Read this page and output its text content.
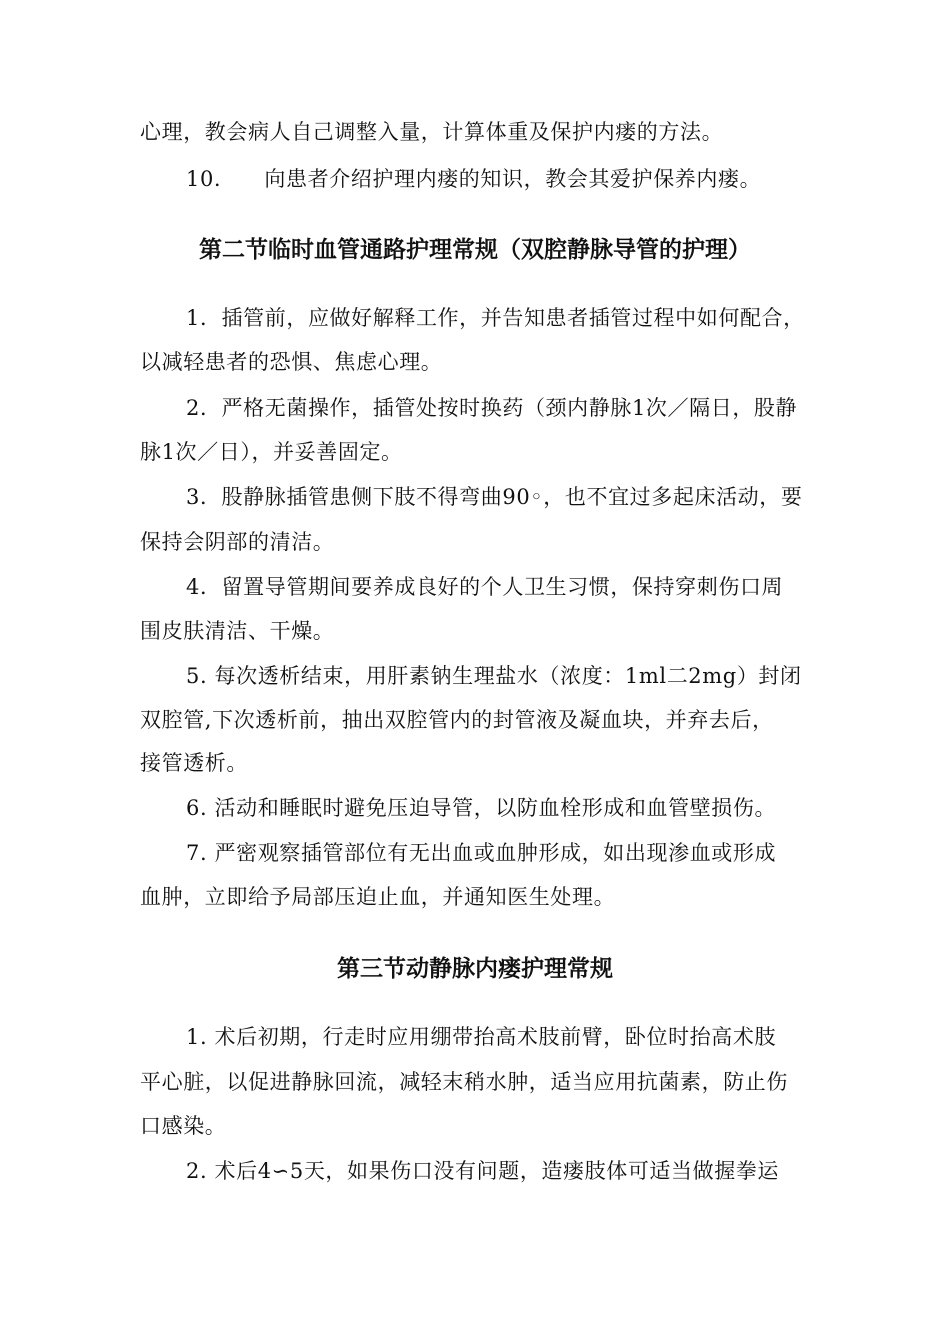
心理，教会病人自己调整入量，计算体重及保护内瘘的方法。

10.　　向患者介绍护理内瘘的知识，教会其爱护保养内瘘。

第二节临时血管通路护理常规（双腔静脉导管的护理）

1．插管前，应做好解释工作，并告知患者插管过程中如何配合，

以减轻患者的恐惧、焦虑心理。

2．严格无菌操作，插管处按时换药（颈内静脉1次／隔日，股静

脉1次／日），并妥善固定。

3．股静脉插管患侧下肢不得弯曲90◦，也不宜过多起床活动，要

保持会阴部的清洁。

4．留置导管期间要养成良好的个人卫生习惯，保持穿刺伤口周

围皮肤清洁、干燥。

5. 每次透析结束，用肝素钠生理盐水（浓度：1ml二2mg）封闭

双腔管,下次透析前，抽出双腔管内的封管液及凝血块，并弃去后，

接管透析。

6. 活动和睡眠时避免压迫导管，以防血栓形成和血管壁损伤。

7. 严密观察插管部位有无出血或血肿形成，如出现渗血或形成

血肿，立即给予局部压迫止血，并通知医生处理。

第三节动静脉内瘘护理常规

1. 术后初期，行走时应用绷带抬高术肢前臂，卧位时抬高术肢

平心脏，以促进静脉回流，减轻末稍水肿，适当应用抗菌素，防止伤

口感染。

2. 术后4∽5天，如果伤口没有问题，造瘘肢体可适当做握拳运
